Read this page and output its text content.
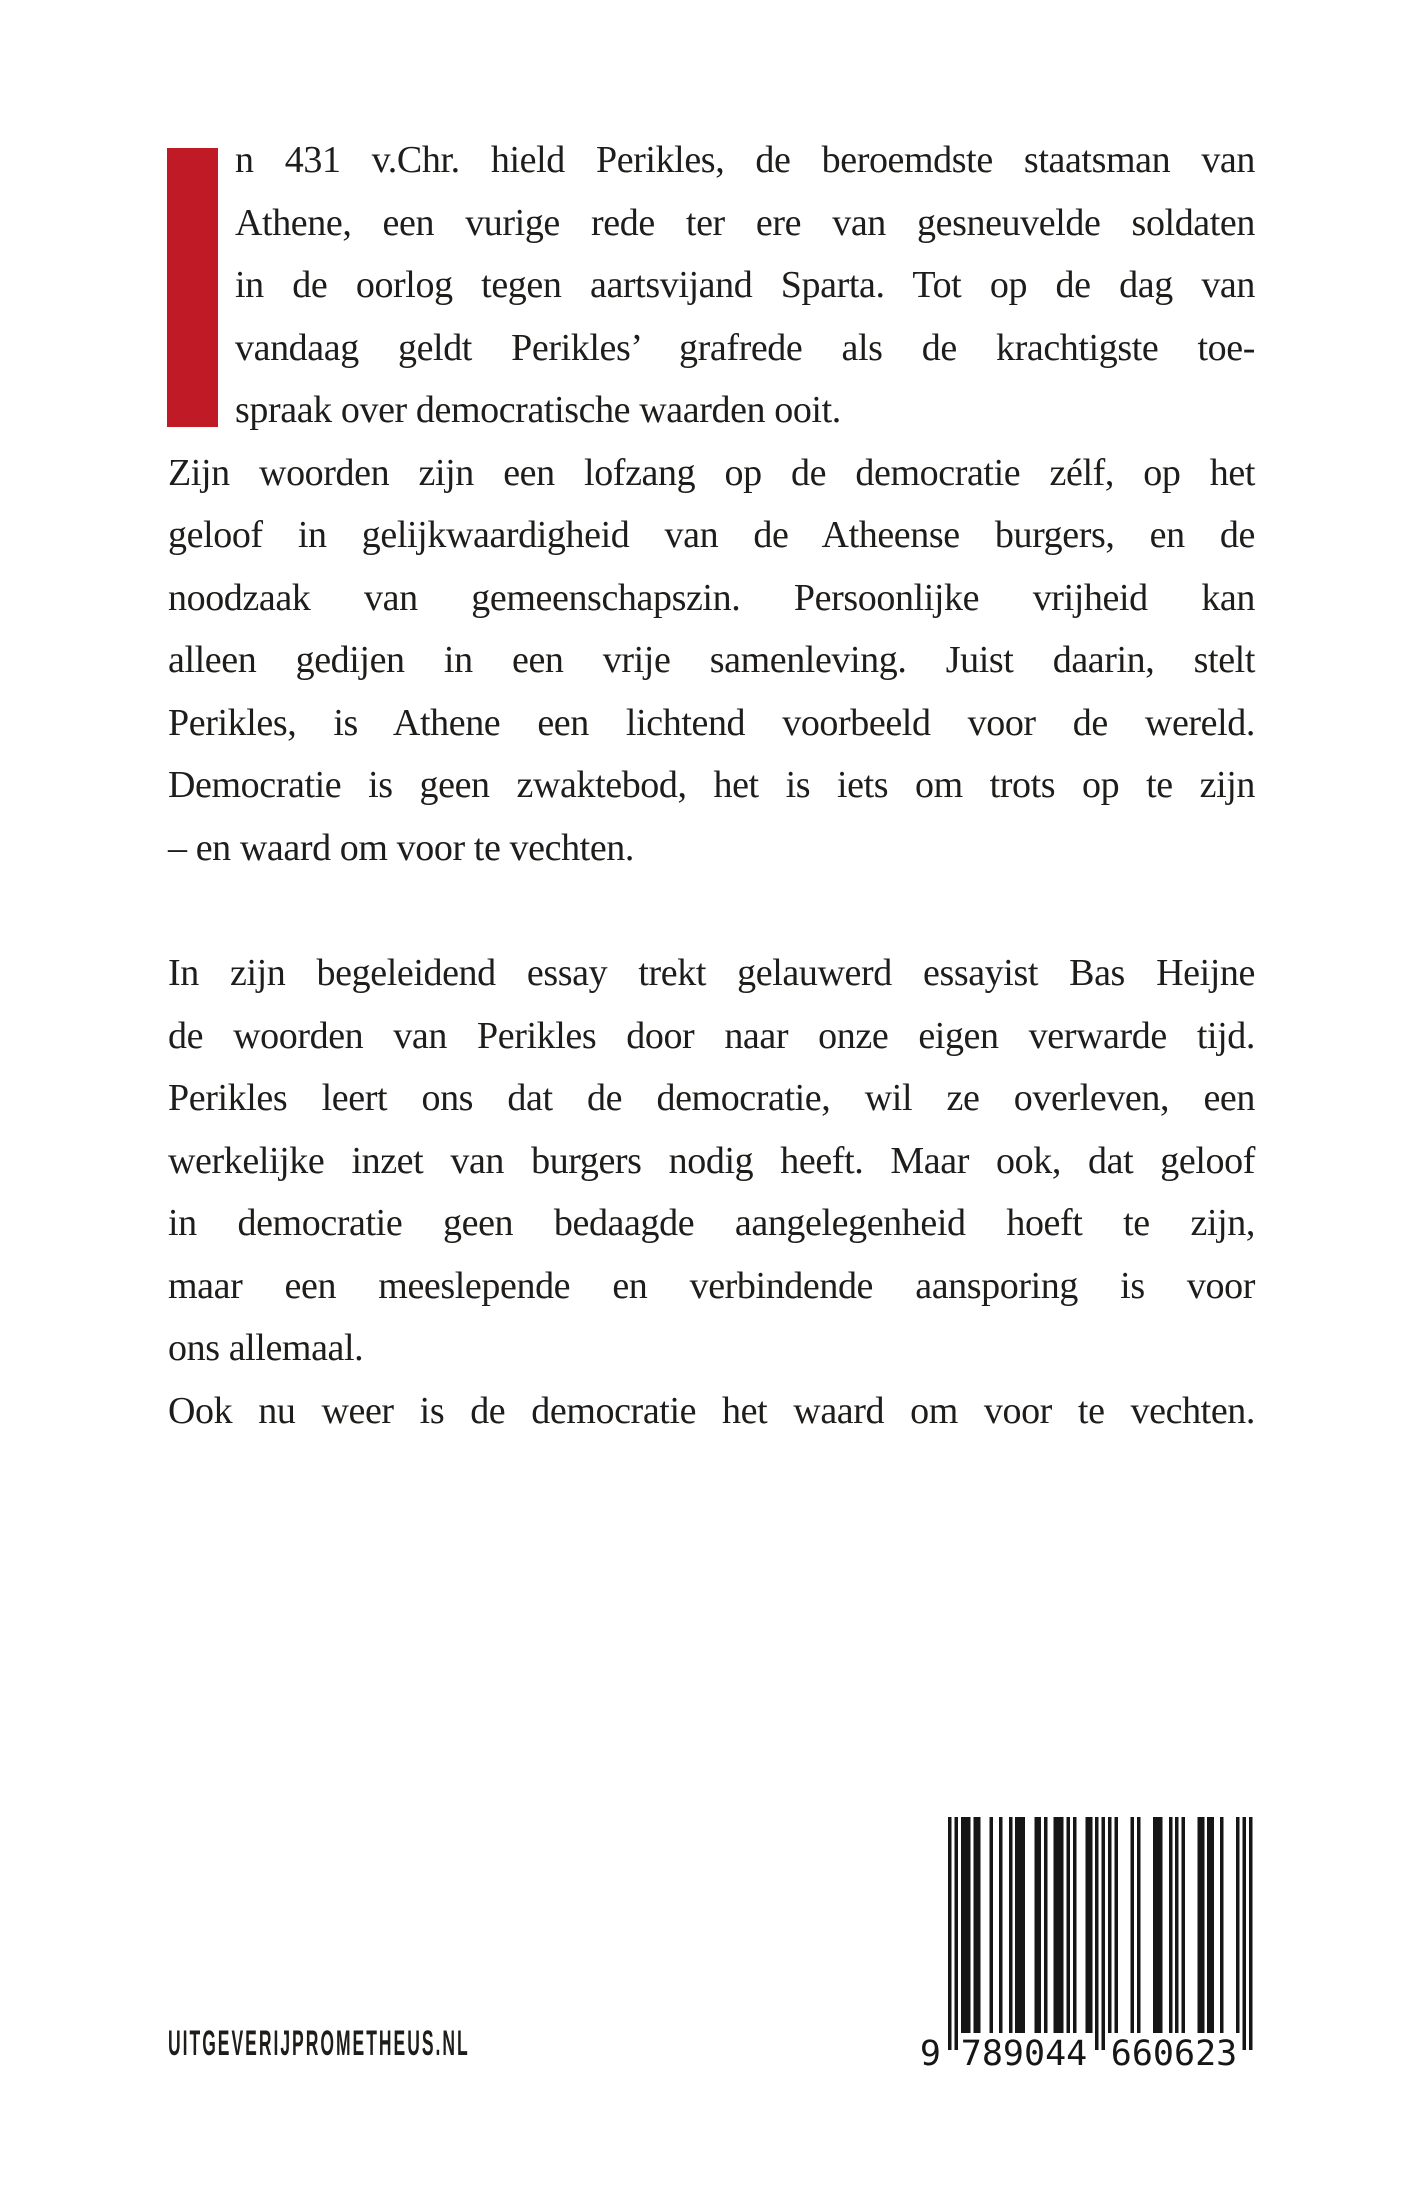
n 431 v.Chr. hield Perikles, de beroemdste staatsman van
Athene, een vurige rede ter ere van gesneuvelde soldaten
in de oorlog tegen aartsvijand Sparta. Tot op de dag van
vandaag geldt Perikles’ grafrede als de krachtigste toe-
spraak over democratische waarden ooit.
Zijn woorden zijn een lofzang op de democratie zélf, op het
geloof in gelijkwaardigheid van de Atheense burgers, en de
noodzaak van gemeenschapszin. Persoonlijke vrijheid kan
alleen gedijen in een vrije samenleving. Juist daarin, stelt
Perikles, is Athene een lichtend voorbeeld voor de wereld.
Democratie is geen zwaktebod, het is iets om trots op te zijn
– en waard om voor te vechten.
In zijn begeleidend essay trekt gelauwerd essayist Bas Heijne
de woorden van Perikles door naar onze eigen verwarde tijd.
Perikles leert ons dat de democratie, wil ze overleven, een
werkelijke inzet van burgers nodig heeft. Maar ook, dat geloof
in democratie geen bedaagde aangelegenheid hoeft te zijn,
maar een meeslepende en verbindende aansporing is voor
ons allemaal.
Ook nu weer is de democratie het waard om voor te vechten.
9 789044 660623
UITGEVERIJPROMETHEUS.NL
